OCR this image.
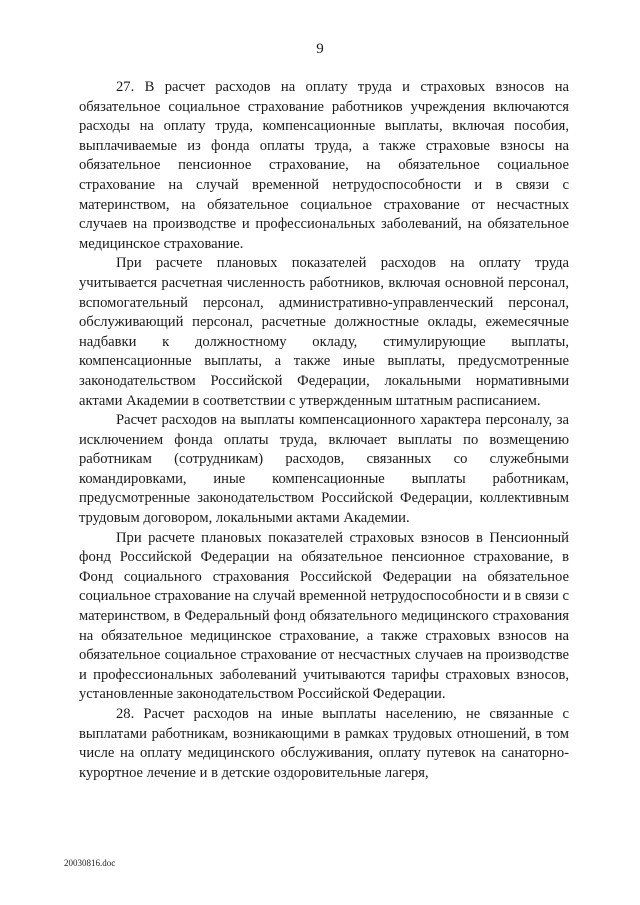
9

27. В расчет расходов на оплату труда и страховых взносов на обязательное социальное страхование работников учреждения включаются расходы на оплату труда, компенсационные выплаты, включая пособия, выплачиваемые из фонда оплаты труда, а также страховые взносы на обязательное пенсионное страхование, на обязательное социальное страхование на случай временной нетрудоспособности и в связи с материнством, на обязательное социальное страхование от несчастных случаев на производстве и профессиональных заболеваний, на обязательное медицинское страхование.

При расчете плановых показателей расходов на оплату труда учитывается расчетная численность работников, включая основной персонал, вспомогательный персонал, административно-управленческий персонал, обслуживающий персонал, расчетные должностные оклады, ежемесячные надбавки к должностному окладу, стимулирующие выплаты, компенсационные выплаты, а также иные выплаты, предусмотренные законодательством Российской Федерации, локальными нормативными актами Академии в соответствии с утвержденным штатным расписанием.

Расчет расходов на выплаты компенсационного характера персоналу, за исключением фонда оплаты труда, включает выплаты по возмещению работникам (сотрудникам) расходов, связанных со служебными командировками, иные компенсационные выплаты работникам, предусмотренные законодательством Российской Федерации, коллективным трудовым договором, локальными актами Академии.

При расчете плановых показателей страховых взносов в Пенсионный фонд Российской Федерации на обязательное пенсионное страхование, в Фонд социального страхования Российской Федерации на обязательное социальное страхование на случай временной нетрудоспособности и в связи с материнством, в Федеральный фонд обязательного медицинского страхования на обязательное медицинское страхование, а также страховых взносов на обязательное социальное страхование от несчастных случаев на производстве и профессиональных заболеваний учитываются тарифы страховых взносов, установленные законодательством Российской Федерации.

28. Расчет расходов на иные выплаты населению, не связанные с выплатами работникам, возникающими в рамках трудовых отношений, в том числе на оплату медицинского обслуживания, оплату путевок на санаторно-курортное лечение и в детские оздоровительные лагеря,

20030816.doc
